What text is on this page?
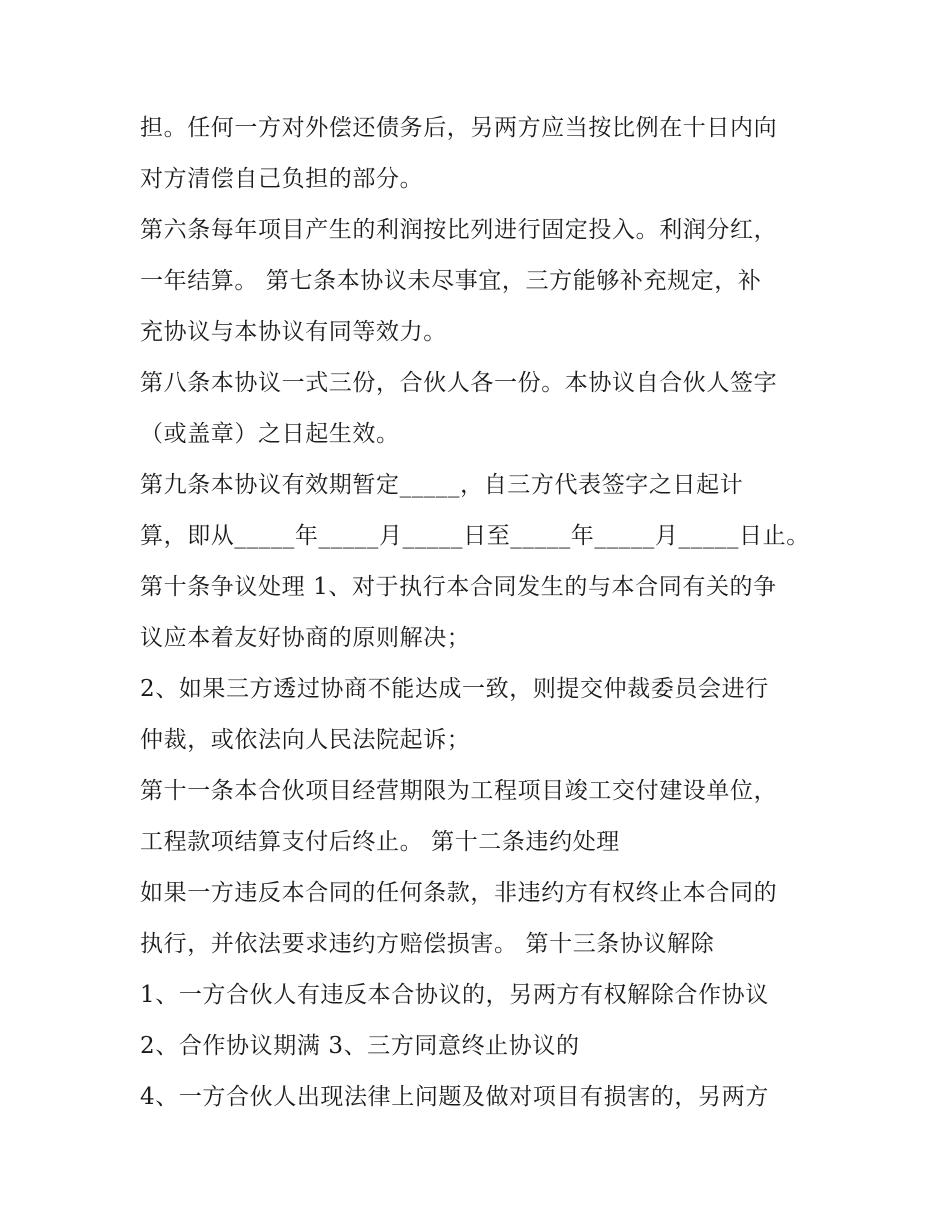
担。任何一方对外偿还债务后，另两方应当按比例在十日内向
对方清偿自己负担的部分。
第六条每年项目产生的利润按比列进行固定投入。利润分红，
一年结算。 第七条本协议未尽事宜，三方能够补充规定，补
充协议与本协议有同等效力。
第八条本协议一式三份，合伙人各一份。本协议自合伙人签字
（或盖章）之日起生效。
第九条本协议有效期暂定_____，自三方代表签字之日起计
算，即从_____年_____月_____日至_____年_____月_____日止。
第十条争议处理 1、对于执行本合同发生的与本合同有关的争
议应本着友好协商的原则解决；
2、如果三方透过协商不能达成一致，则提交仲裁委员会进行
仲裁，或依法向人民法院起诉；
第十一条本合伙项目经营期限为工程项目竣工交付建设单位，
工程款项结算支付后终止。 第十二条违约处理
如果一方违反本合同的任何条款，非违约方有权终止本合同的
执行，并依法要求违约方赔偿损害。 第十三条协议解除
1、一方合伙人有违反本合协议的，另两方有权解除合作协议
2、合作协议期满 3、三方同意终止协议的
4、一方合伙人出现法律上问题及做对项目有损害的，另两方
